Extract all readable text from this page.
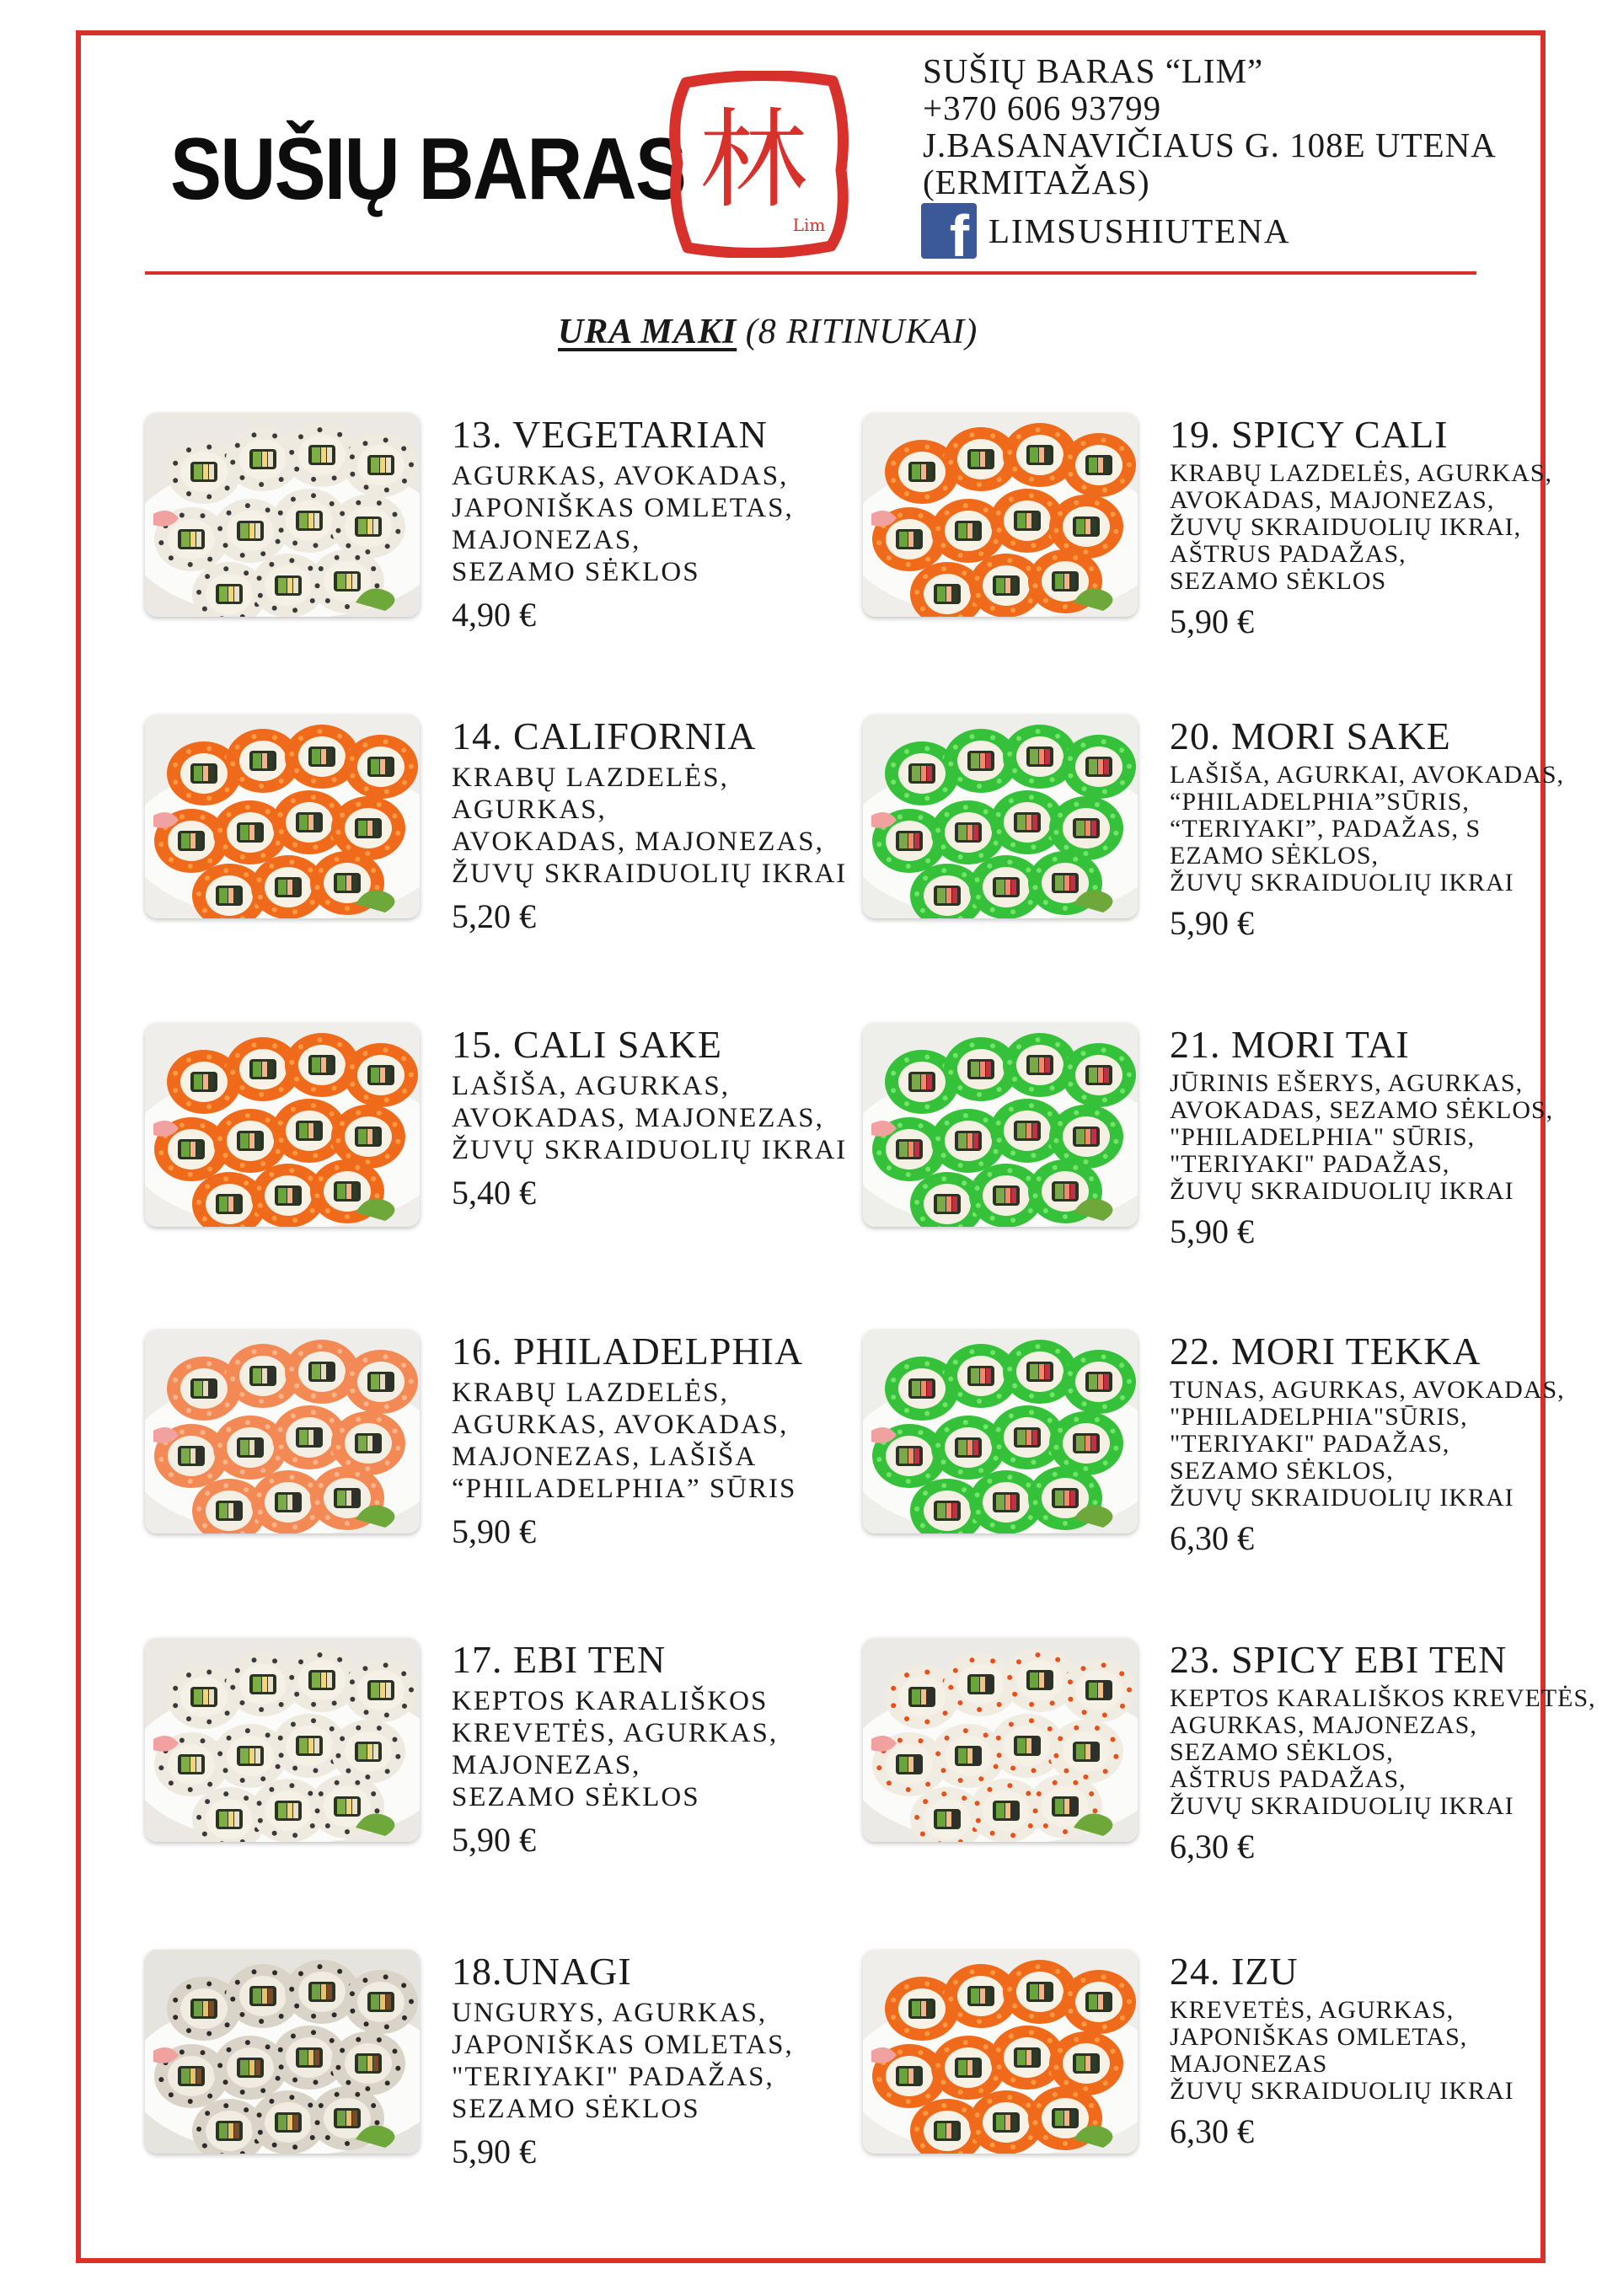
SUŠIŲ BARAS 林
Lim
SUŠIŲ BARAS “LIM”
+370 606 93799
J.BASANAVIČIAUS G. 108E UTENA
(ERMITAŽAS)
f LIMSUSHIUTENA
URA MAKI (8 RITINUKAI)
13. VEGETARIAN
AGURKAS, AVOKADAS,
JAPONIŠKAS OMLETAS,
MAJONEZAS,
SEZAMO SĖKLOS
4,90 €
14. CALIFORNIA
KRABŲ LAZDELĖS,
AGURKAS,
AVOKADAS, MAJONEZAS,
ŽUVŲ SKRAIDUOLIŲ IKRAI
5,20 €
15. CALI SAKE
LAŠIŠA, AGURKAS,
AVOKADAS, MAJONEZAS,
ŽUVŲ SKRAIDUOLIŲ IKRAI
5,40 €
16. PHILADELPHIA
KRABŲ LAZDELĖS,
AGURKAS, AVOKADAS,
MAJONEZAS, LAŠIŠA
“PHILADELPHIA” SŪRIS
5,90 €
17. EBI TEN
KEPTOS KARALIŠKOS
KREVETĖS, AGURKAS,
MAJONEZAS,
SEZAMO SĖKLOS
5,90 €
18.UNAGI
UNGURYS, AGURKAS,
JAPONIŠKAS OMLETAS,
"TERIYAKI" PADAŽAS,
SEZAMO SĖKLOS
5,90 €
19. SPICY CALI
KRABŲ LAZDELĖS, AGURKAS,
AVOKADAS, MAJONEZAS,
ŽUVŲ SKRAIDUOLIŲ IKRAI,
AŠTRUS PADAŽAS,
SEZAMO SĖKLOS
5,90 €
20. MORI SAKE
LAŠIŠA, AGURKAI, AVOKADAS,
“PHILADELPHIA”SŪRIS,
“TERIYAKI”, PADAŽAS, S
EZAMO SĖKLOS,
ŽUVŲ SKRAIDUOLIŲ IKRAI
5,90 €
21. MORI TAI
JŪRINIS EŠERYS, AGURKAS,
AVOKADAS, SEZAMO SĖKLOS,
"PHILADELPHIA" SŪRIS,
"TERIYAKI" PADAŽAS,
ŽUVŲ SKRAIDUOLIŲ IKRAI
5,90 €
22. MORI TEKKA
TUNAS, AGURKAS, AVOKADAS,
"PHILADELPHIA"SŪRIS,
"TERIYAKI" PADAŽAS,
SEZAMO SĖKLOS,
ŽUVŲ SKRAIDUOLIŲ IKRAI
6,30 €
23. SPICY EBI TEN
KEPTOS KARALIŠKOS KREVETĖS,
AGURKAS, MAJONEZAS,
SEZAMO SĖKLOS,
AŠTRUS PADAŽAS,
ŽUVŲ SKRAIDUOLIŲ IKRAI
6,30 €
24. IZU
KREVETĖS, AGURKAS,
JAPONIŠKAS OMLETAS,
MAJONEZAS
ŽUVŲ SKRAIDUOLIŲ IKRAI
6,30 €
